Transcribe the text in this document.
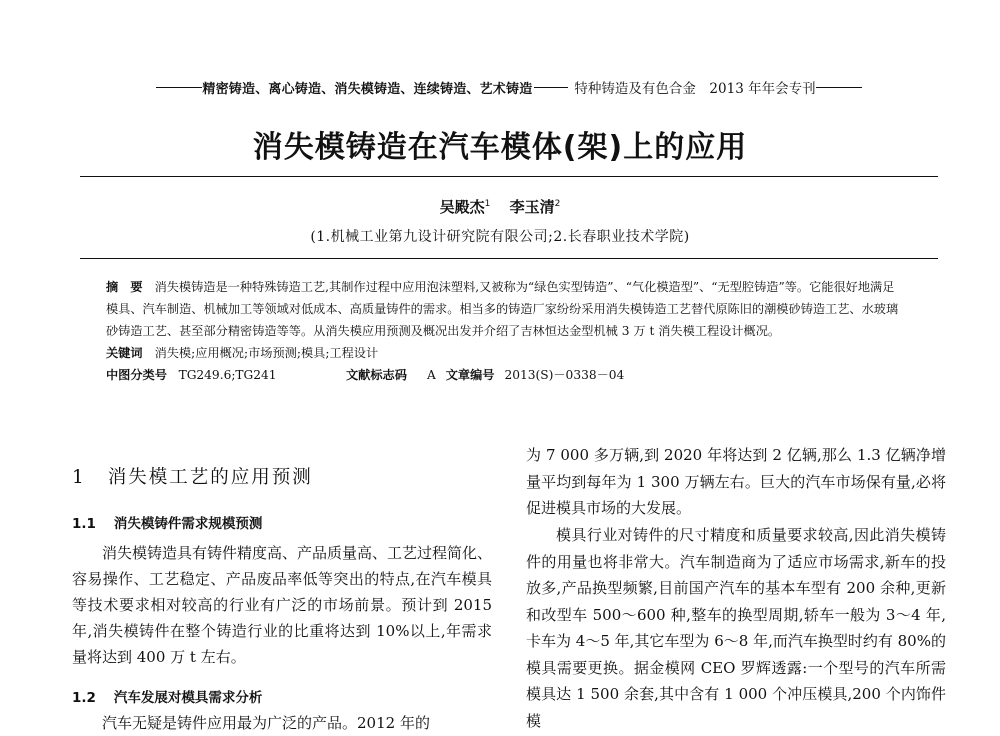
精密铸造、离心铸造、消失模铸造、连续铸造、艺术铸造	特种铸造及有色合金　2013 年年会专刊
消失模铸造在汽车模体(架)上的应用
吴殿杰$^1$ 李玉清$^2$
(1.机械工业第九设计研究院有限公司;2.长春职业技术学院)

摘　要 消失模铸造是一种特殊铸造工艺,其制作过程中应用泡沫塑料,又被称为“绿色实型铸造”、“气化模造型”、“无型腔铸造”等。它能很好地满足模具、汽车制造、机械加工等领域对低成本、高质量铸件的需求。相当多的铸造厂家纷纷采用消失模铸造工艺替代原陈旧的潮模砂铸造工艺、水玻璃砂铸造工艺、甚至部分精密铸造等等。从消失模应用预测及概况出发并介绍了吉林恒达金型机械 3 万 t 消失模工程设计概况。

关键词 消失模;应用概况;市场预测;模具;工程设计

中图分类号 TG249.6;TG241	文献标志码 A 文章编号 2013(S)－0338－04
1 消失模工艺的应用预测
1.1 消失模铸件需求规模预测

消失模铸造具有铸件精度高、产品质量高、工艺过程简化、容易操作、工艺稳定、产品废品率低等突出的特点,在汽车模具等技术要求相对较高的行业有广泛的市场前景。预计到 2015 年,消失模铸件在整个铸造行业的比重将达到 10%以上,年需求量将达到 400 万 t 左右。

1.2 汽车发展对模具需求分析

汽车无疑是铸件应用最为广泛的产品。2012 年的

为 7 000 多万辆,到 2020 年将达到 2 亿辆,那么 1.3 亿辆净增量平均到每年为 1 300 万辆左右。巨大的汽车市场保有量,必将促进模具市场的大发展。

模具行业对铸件的尺寸精度和质量要求较高,因此消失模铸件的用量也将非常大。汽车制造商为了适应市场需求,新车的投放多,产品换型频繁,目前国产汽车的基本车型有 200 余种,更新和改型车 500～600 种,整车的换型周期,轿车一般为 3～4 年,卡车为 4～5 年,其它车型为 6～8 年,而汽车换型时约有 80%的模具需要更换。据金模网 CEO 罗辉透露:一个型号的汽车所需模具达 1 500 余套,其中含有 1 000 个冲压模具,200 个内饰件模
